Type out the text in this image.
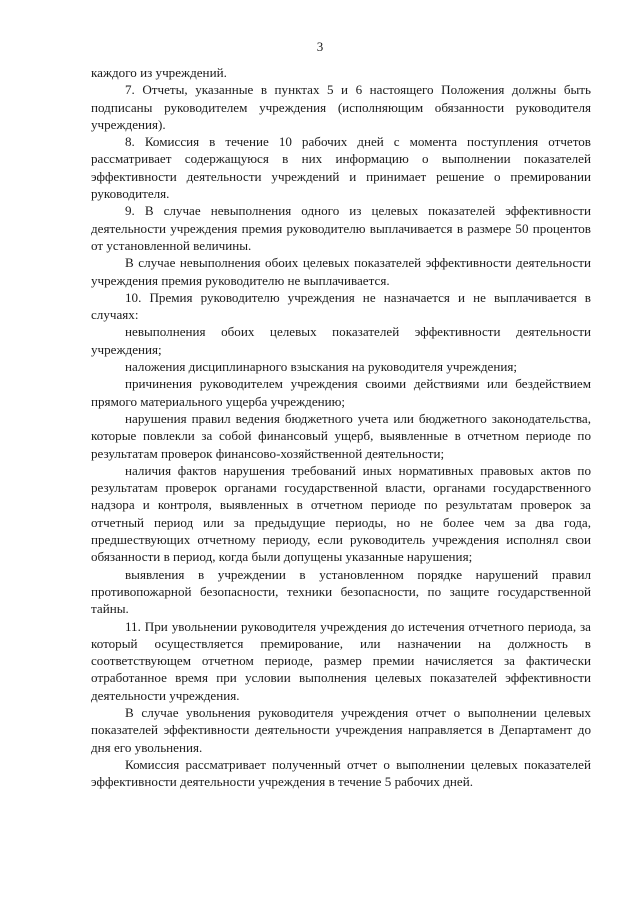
3

каждого из учреждений.

7. Отчеты, указанные в пунктах 5 и 6 настоящего Положения должны быть подписаны руководителем учреждения (исполняющим обязанности руководителя учреждения).

8. Комиссия в течение 10 рабочих дней с момента поступления отчетов рассматривает содержащуюся в них информацию о выполнении показателей эффективности деятельности учреждений и принимает решение о премировании руководителя.

9. В случае невыполнения одного из целевых показателей эффективности деятельности учреждения премия руководителю выплачивается в размере 50 процентов от установленной величины.

В случае невыполнения обоих целевых показателей эффективности деятельности учреждения премия руководителю не выплачивается.

10. Премия руководителю учреждения не назначается и не выплачивается в случаях:

невыполнения обоих целевых показателей эффективности деятельности учреждения;

наложения дисциплинарного взыскания на руководителя учреждения;

причинения руководителем учреждения своими действиями или бездействием прямого материального ущерба учреждению;

нарушения правил ведения бюджетного учета или бюджетного законодательства, которые повлекли за собой финансовый ущерб, выявленные в отчетном периоде по результатам проверок финансово-хозяйственной деятельности;

наличия фактов нарушения требований иных нормативных правовых актов по результатам проверок органами государственной власти, органами государственного надзора и контроля, выявленных в отчетном периоде по результатам проверок за отчетный период или за предыдущие периоды, но не более чем за два года, предшествующих отчетному периоду, если руководитель учреждения исполнял свои обязанности в период, когда были допущены указанные нарушения;

выявления в учреждении в установленном порядке нарушений правил противопожарной безопасности, техники безопасности, по защите государственной тайны.

11. При увольнении руководителя учреждения до истечения отчетного периода, за который осуществляется премирование, или назначении на должность в соответствующем отчетном периоде, размер премии начисляется за фактически отработанное время при условии выполнения целевых показателей эффективности деятельности учреждения.

В случае увольнения руководителя учреждения отчет о выполнении целевых показателей эффективности деятельности учреждения направляется в Департамент до дня его увольнения.

Комиссия рассматривает полученный отчет о выполнении целевых показателей эффективности деятельности учреждения в течение 5 рабочих дней.
